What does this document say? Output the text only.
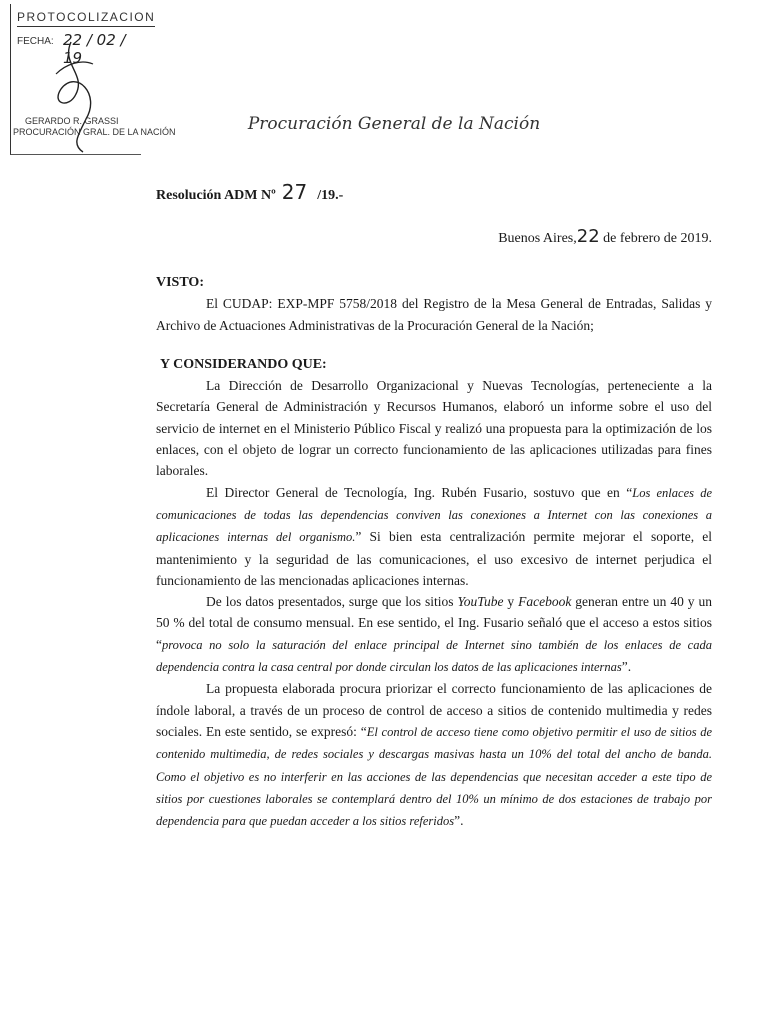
PROTOCOLIZACION
FECHA: 22 / 02 / 19
GERARDO R. GRASSI
PROCURACIÓN GRAL. DE LA NACIÓN	Procuración General de la Nación
Resolución ADM Nº 27 /19.-
Buenos Aires,22 de febrero de 2019.
VISTO:

El CUDAP: EXP-MPF 5758/2018 del Registro de la Mesa General de Entradas, Salidas y Archivo de Actuaciones Administrativas de la Procuración General de la Nación;

Y CONSIDERANDO QUE:

La Dirección de Desarrollo Organizacional y Nuevas Tecnologías, perteneciente a la Secretaría General de Administración y Recursos Humanos, elaboró un informe sobre el uso del servicio de internet en el Ministerio Público Fiscal y realizó una propuesta para la optimización de los enlaces, con el objeto de lograr un correcto funcionamiento de las aplicaciones utilizadas para fines laborales.

El Director General de Tecnología, Ing. Rubén Fusario, sostuvo que en “Los enlaces de comunicaciones de todas las dependencias conviven las conexiones a Internet con las conexiones a aplicaciones internas del organismo.” Si bien esta centralización permite mejorar el soporte, el mantenimiento y la seguridad de las comunicaciones, el uso excesivo de internet perjudica el funcionamiento de las mencionadas aplicaciones internas.

De los datos presentados, surge que los sitios YouTube y Facebook generan entre un 40 y un 50 % del total de consumo mensual. En ese sentido, el Ing. Fusario señaló que el acceso a estos sitios “provoca no solo la saturación del enlace principal de Internet sino también de los enlaces de cada dependencia contra la casa central por donde circulan los datos de las aplicaciones internas”.

La propuesta elaborada procura priorizar el correcto funcionamiento de las aplicaciones de índole laboral, a través de un proceso de control de acceso a sitios de contenido multimedia y redes sociales. En este sentido, se expresó: “El control de acceso tiene como objetivo permitir el uso de sitios de contenido multimedia, de redes sociales y descargas masivas hasta un 10% del total del ancho de banda. Como el objetivo es no interferir en las acciones de las dependencias que necesitan acceder a este tipo de sitios por cuestiones laborales se contemplará dentro del 10% un mínimo de dos estaciones de trabajo por dependencia para que puedan acceder a los sitios referidos”.
